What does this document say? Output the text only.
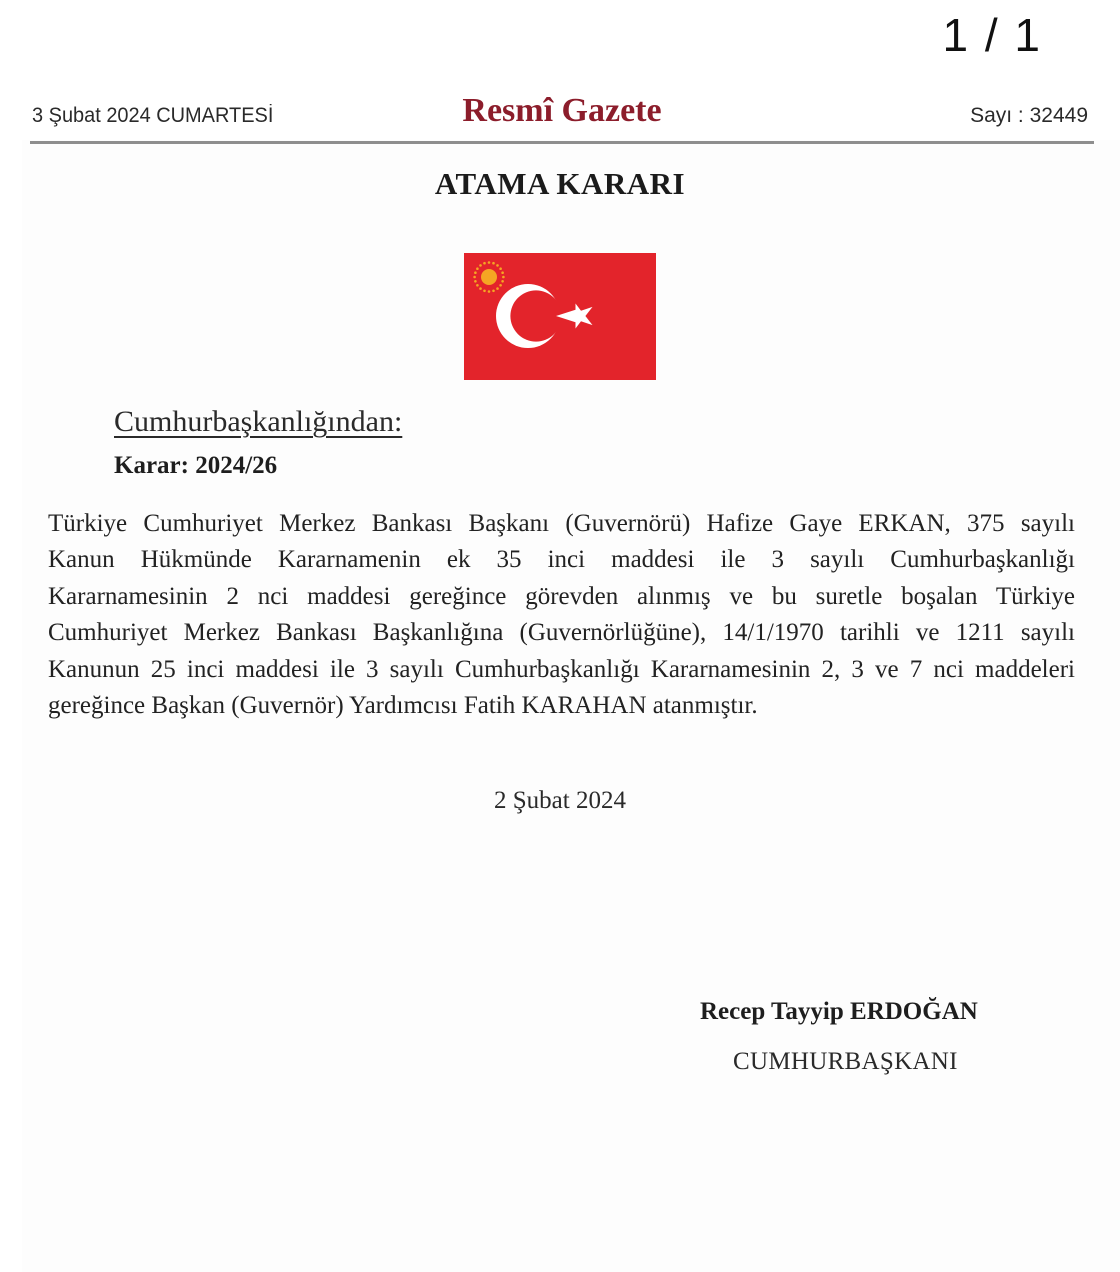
1 / 1
3 Şubat 2024 CUMARTESİ	Resmî Gazete	Sayı : 32449
ATAMA KARARI
Cumhurbaşkanlığından:
Karar: 2024/26
Türkiye Cumhuriyet Merkez Bankası Başkanı (Guvernörü) Hafize Gaye ERKAN, 375 sayılı
Kanun Hükmünde Kararnamenin ek 35 inci maddesi ile 3 sayılı Cumhurbaşkanlığı
Kararnamesinin 2 nci maddesi gereğince görevden alınmış ve bu suretle boşalan Türkiye
Cumhuriyet Merkez Bankası Başkanlığına (Guvernörlüğüne), 14/1/1970 tarihli ve 1211 sayılı
Kanunun 25 inci maddesi ile 3 sayılı Cumhurbaşkanlığı Kararnamesinin 2, 3 ve 7 nci maddeleri
gereğince Başkan (Guvernör) Yardımcısı Fatih KARAHAN atanmıştır.
2 Şubat 2024
Recep Tayyip ERDOĞAN
CUMHURBAŞKANI
